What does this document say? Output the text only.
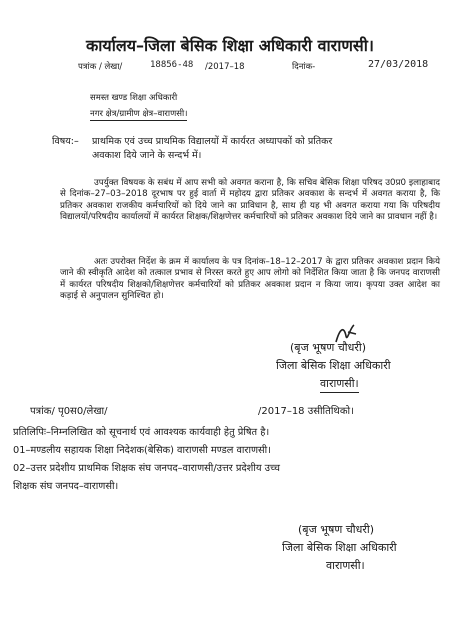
कार्यालय–जिला बेसिक शिक्षा अधिकारी वाराणसी।
पत्रांक / लेखा/	18856-48 /2017–18	दिनांक-	27/03/2018
समस्त खण्ड शिक्षा अधिकारी
नगर क्षेत्र/ग्रामीण क्षेत्र–वाराणसी।
विषय:– प्राथमिक एवं उच्च प्राथमिक विद्यालयों में कार्यरत अध्यापकों को प्रतिकर
अवकाश दिये जाने के सन्दर्भ में।
उपर्युक्त विषयक के सबंध में आप सभी को अवगत कराना है, कि सचिव बेसिक शिक्षा परिषद उ0प्र0 इलाहाबाद से दिनांक–27–03–2018 दूरभाष पर हुई वार्ता में महोदय द्वारा प्रतिकर अवकाश के सन्दर्भ में अवगत कराया है, कि प्रतिकर अवकाश राजकीय कर्मचारियों को दिये जाने का प्राविधान है, साथ ही यह भी अवगत कराया गया कि परिषदीय विद्यालयों/परिषदीय कार्यालयों में कार्यरत शिक्षक/शिक्षणेत्तर कर्मचारियों को प्रतिकर अवकाश दिये जाने का प्रावधान नहीं है।
अतः उपरोक्त निर्देश के क्रम में कार्यालय के पत्र दिनांक–18–12–2017 के द्वारा प्रतिकर अवकाश प्रदान किये जाने की स्वीकृति आदेश को तत्काल प्रभाव से निरस्त करते हुए आप लोगो को निर्देशित किया जाता है कि जनपद वाराणसी में कार्यरत परिषदीय शिक्षको/शिक्षणेत्तर कर्मचारियों को प्रतिकर अवकाश प्रदान न किया जाय। कृपया उक्त आदेश का कड़ाई से अनुपालन सुनिश्चित हो।
(बृज भूषण चौधरी)
जिला बेसिक शिक्षा अधिकारी
वाराणसी।
पत्रांक/ पृ0स0/लेखा/	/2017–18 उसीतिथिको।
प्रतिलिपिः–निम्नलिखित को सूचनार्थ एवं आवश्यक कार्यवाही हेतु प्रेषित है।
01–मण्डलीय सहायक शिक्षा निदेशक(बेसिक) वाराणसी मण्डल वाराणसी।
02–उत्तर प्रदेशीय प्राथमिक शिक्षक संघ जनपद–वाराणसी/उत्तर प्रदेशीय उच्च
शिक्षक संघ जनपद–वाराणसी।
(बृज भूषण चौधरी)
जिला बेसिक शिक्षा अधिकारी
वाराणसी।
